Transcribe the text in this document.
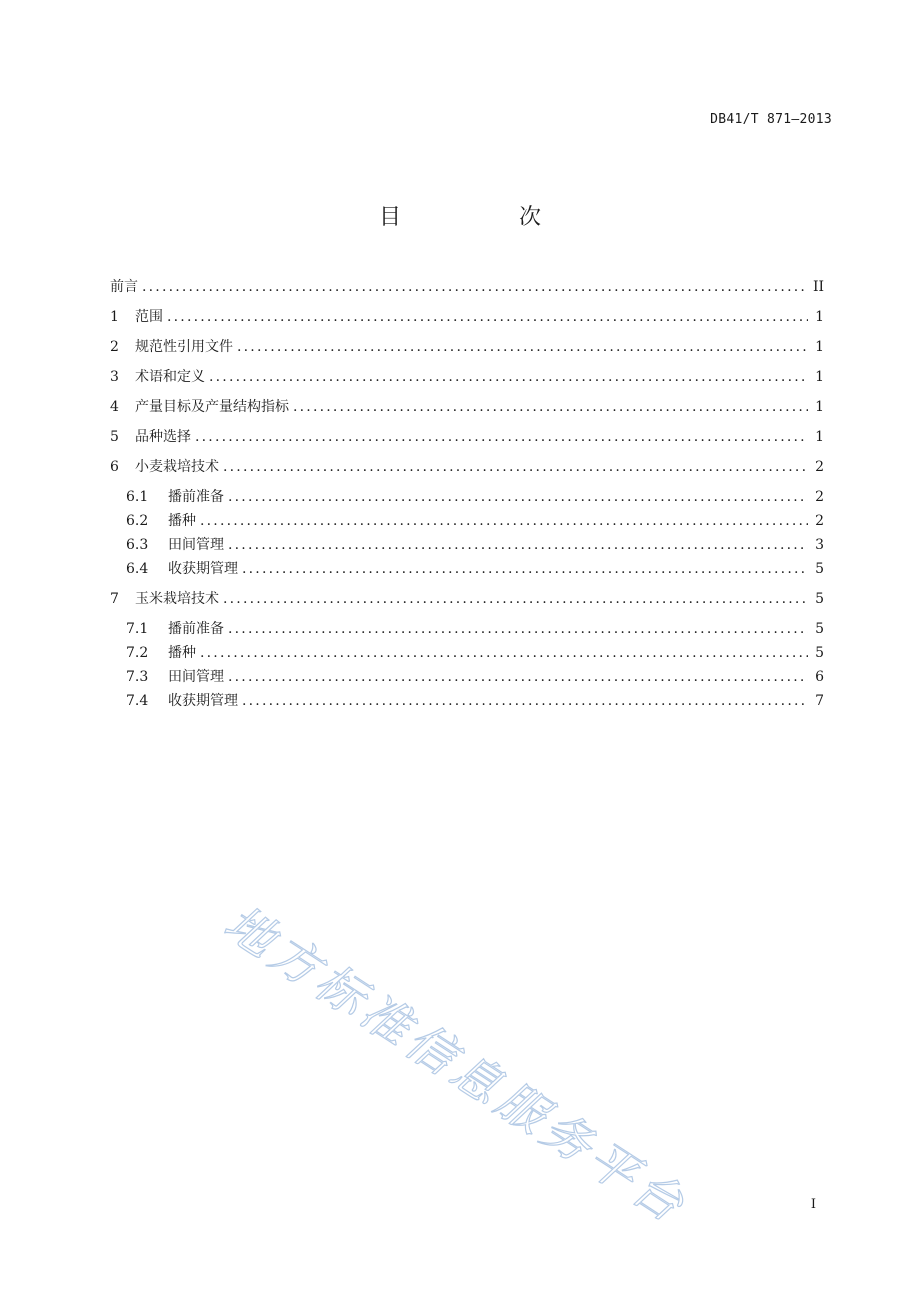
DB41/T 871—2013
目　次
前言 .....	II
1	范围 .....	1
2	规范性引用文件 .....	1
3	术语和定义 .....	1
4	产量目标及产量结构指标 .....	1
5	品种选择 .....	1
6	小麦栽培技术 .....	2
6.1	播前准备 .....	2
6.2	播种 .....	2
6.3	田间管理 .....	3
6.4	收获期管理 .....	5
7	玉米栽培技术 .....	5
7.1	播前准备 .....	5
7.2	播种 .....	5
7.3	田间管理 .....	6
7.4	收获期管理 .....	7
地方标准信息服务平台	I
